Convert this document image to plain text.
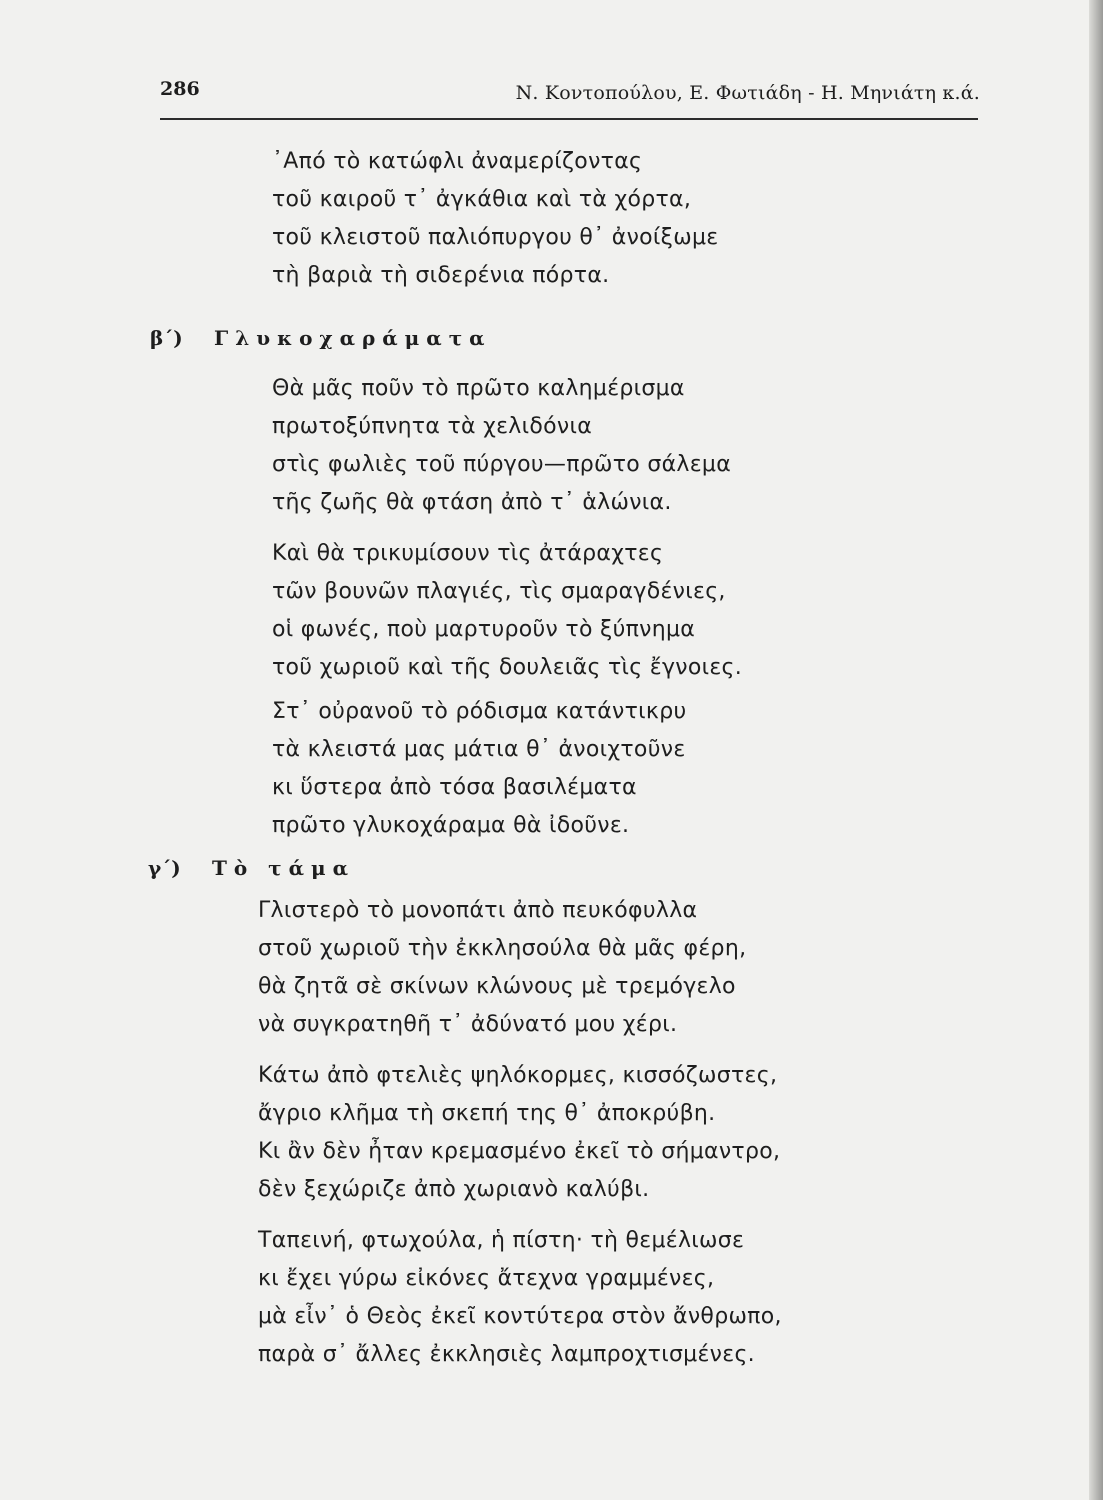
286	Ν. Κοντοπούλου, Ε. Φωτιάδη - Η. Μηνιάτη κ.ά.
᾿Από τὸ κατώφλι ἀναμερίζοντας
τοῦ καιροῦ τ᾿ ἀγκάθια καὶ τὰ χόρτα,
τοῦ κλειστοῦ παλιόπυργου θ᾿ ἀνοίξωμε
τὴ βαριὰ τὴ σιδερένια πόρτα.
β΄) Γλυκοχαράματα
Θὰ μᾶς ποῦν τὸ πρῶτο καλημέρισμα
πρωτοξύπνητα τὰ χελιδόνια
στὶς φωλιὲς τοῦ πύργου—πρῶτο σάλεμα
τῆς ζωῆς θὰ φτάση ἀπὸ τ᾿ ἁλώνια.
Καὶ θὰ τρικυμίσουν τὶς ἀτάραχτες
τῶν βουνῶν πλαγιές, τὶς σμαραγδένιες,
οἱ φωνές, ποὺ μαρτυροῦν τὸ ξύπνημα
τοῦ χωριοῦ καὶ τῆς δουλειᾶς τὶς ἔγνοιες.
Στ᾿ οὐρανοῦ τὸ ρόδισμα κατάντικρυ
τὰ κλειστά μας μάτια θ᾿ ἀνοιχτοῦνε
κι ὕστερα ἀπὸ τόσα βασιλέματα
πρῶτο γλυκοχάραμα θὰ ἰδοῦνε.
γ΄) Τὸ τάμα
Γλιστερὸ τὸ μονοπάτι ἀπὸ πευκόφυλλα
στοῦ χωριοῦ τὴν ἐκκλησούλα θὰ μᾶς φέρη,
θὰ ζητᾶ σὲ σκίνων κλώνους μὲ τρεμόγελο
νὰ συγκρατηθῆ τ᾿ ἀδύνατό μου χέρι.
Κάτω ἀπὸ φτελιὲς ψηλόκορμες, κισσόζωστες,
ἄγριο κλῆμα τὴ σκεπή της θ᾿ ἀποκρύβη.
Κι ἂν δὲν ἦταν κρεμασμένο ἐκεῖ τὸ σήμαντρο,
δὲν ξεχώριζε ἀπὸ χωριανὸ καλύβι.
Ταπεινή, φτωχούλα, ἡ πίστη· τὴ θεμέλιωσε
κι ἔχει γύρω εἰκόνες ἄτεχνα γραμμένες,
μὰ εἶν᾿ ὁ Θεὸς ἐκεῖ κοντύτερα στὸν ἄνθρωπο,
παρὰ σ᾿ ἄλλες ἐκκλησιὲς λαμπροχτισμένες.
